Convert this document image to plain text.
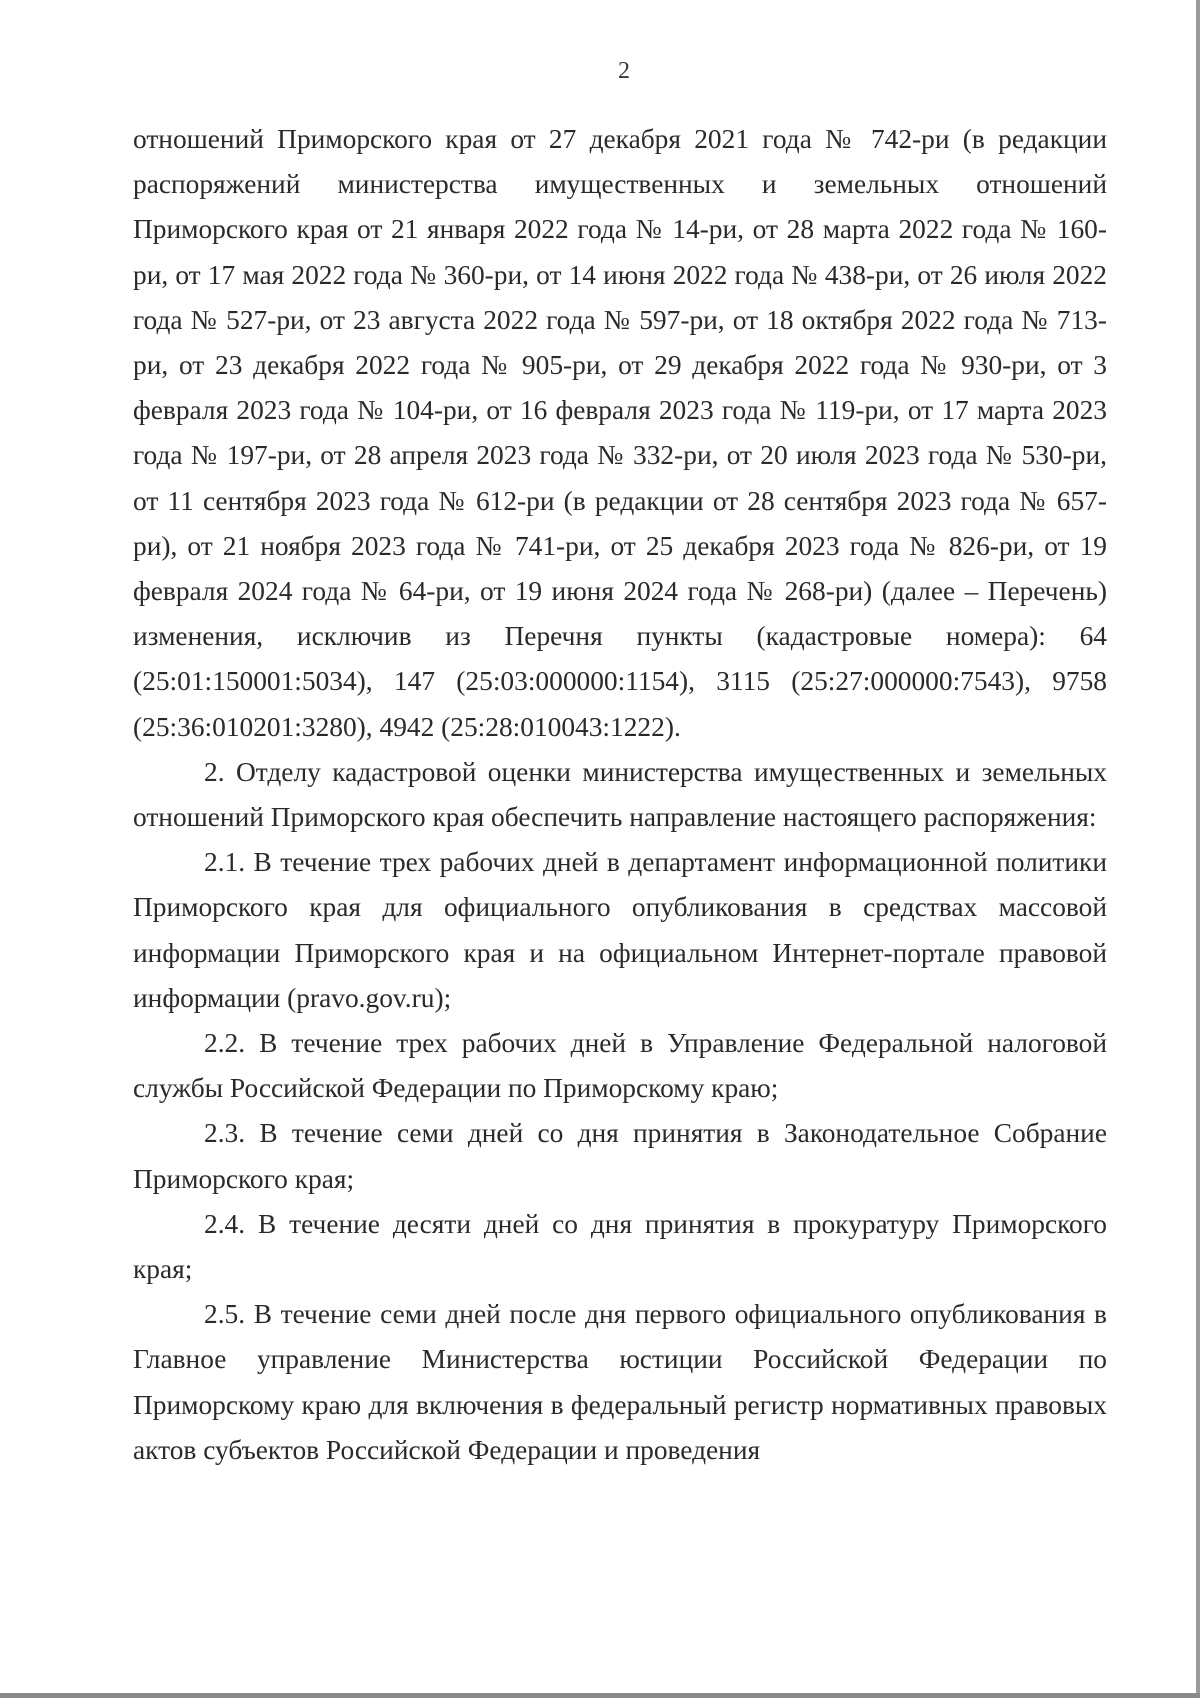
2

отношений Приморского края от 27 декабря 2021 года № 742-ри (в редакции распоряжений министерства имущественных и земельных отношений Приморского края от 21 января 2022 года № 14-ри, от 28 марта 2022 года № 160-ри, от 17 мая 2022 года № 360-ри, от 14 июня 2022 года № 438-ри, от 26 июля 2022 года № 527-ри, от 23 августа 2022 года № 597-ри, от 18 октября 2022 года № 713-ри, от 23 декабря 2022 года № 905-ри, от 29 декабря 2022 года № 930-ри, от 3 февраля 2023 года № 104-ри, от 16 февраля 2023 года № 119-ри, от 17 марта 2023 года № 197-ри, от 28 апреля 2023 года № 332-ри, от 20 июля 2023 года № 530-ри, от 11 сентября 2023 года № 612-ри (в редакции от 28 сентября 2023 года № 657-ри), от 21 ноября 2023 года № 741-ри, от 25 декабря 2023 года № 826-ри, от 19 февраля 2024 года № 64-ри, от 19 июня 2024 года № 268-ри) (далее – Перечень) изменения, исключив из Перечня пункты (кадастровые номера): 64 (25:01:150001:5034), 147 (25:03:000000:1154), 3115 (25:27:000000:7543), 9758 (25:36:010201:3280), 4942 (25:28:010043:1222).

2. Отделу кадастровой оценки министерства имущественных и земельных отношений Приморского края обеспечить направление настоящего распоряжения:

2.1. В течение трех рабочих дней в департамент информационной политики Приморского края для официального опубликования в средствах массовой информации Приморского края и на официальном Интернет-портале правовой информации (pravo.gov.ru);

2.2. В течение трех рабочих дней в Управление Федеральной налоговой службы Российской Федерации по Приморскому краю;

2.3. В течение семи дней со дня принятия в Законодательное Собрание Приморского края;

2.4. В течение десяти дней со дня принятия в прокуратуру Приморского края;

2.5. В течение семи дней после дня первого официального опубликования в Главное управление Министерства юстиции Российской Федерации по Приморскому краю для включения в федеральный регистр нормативных правовых актов субъектов Российской Федерации и проведения
